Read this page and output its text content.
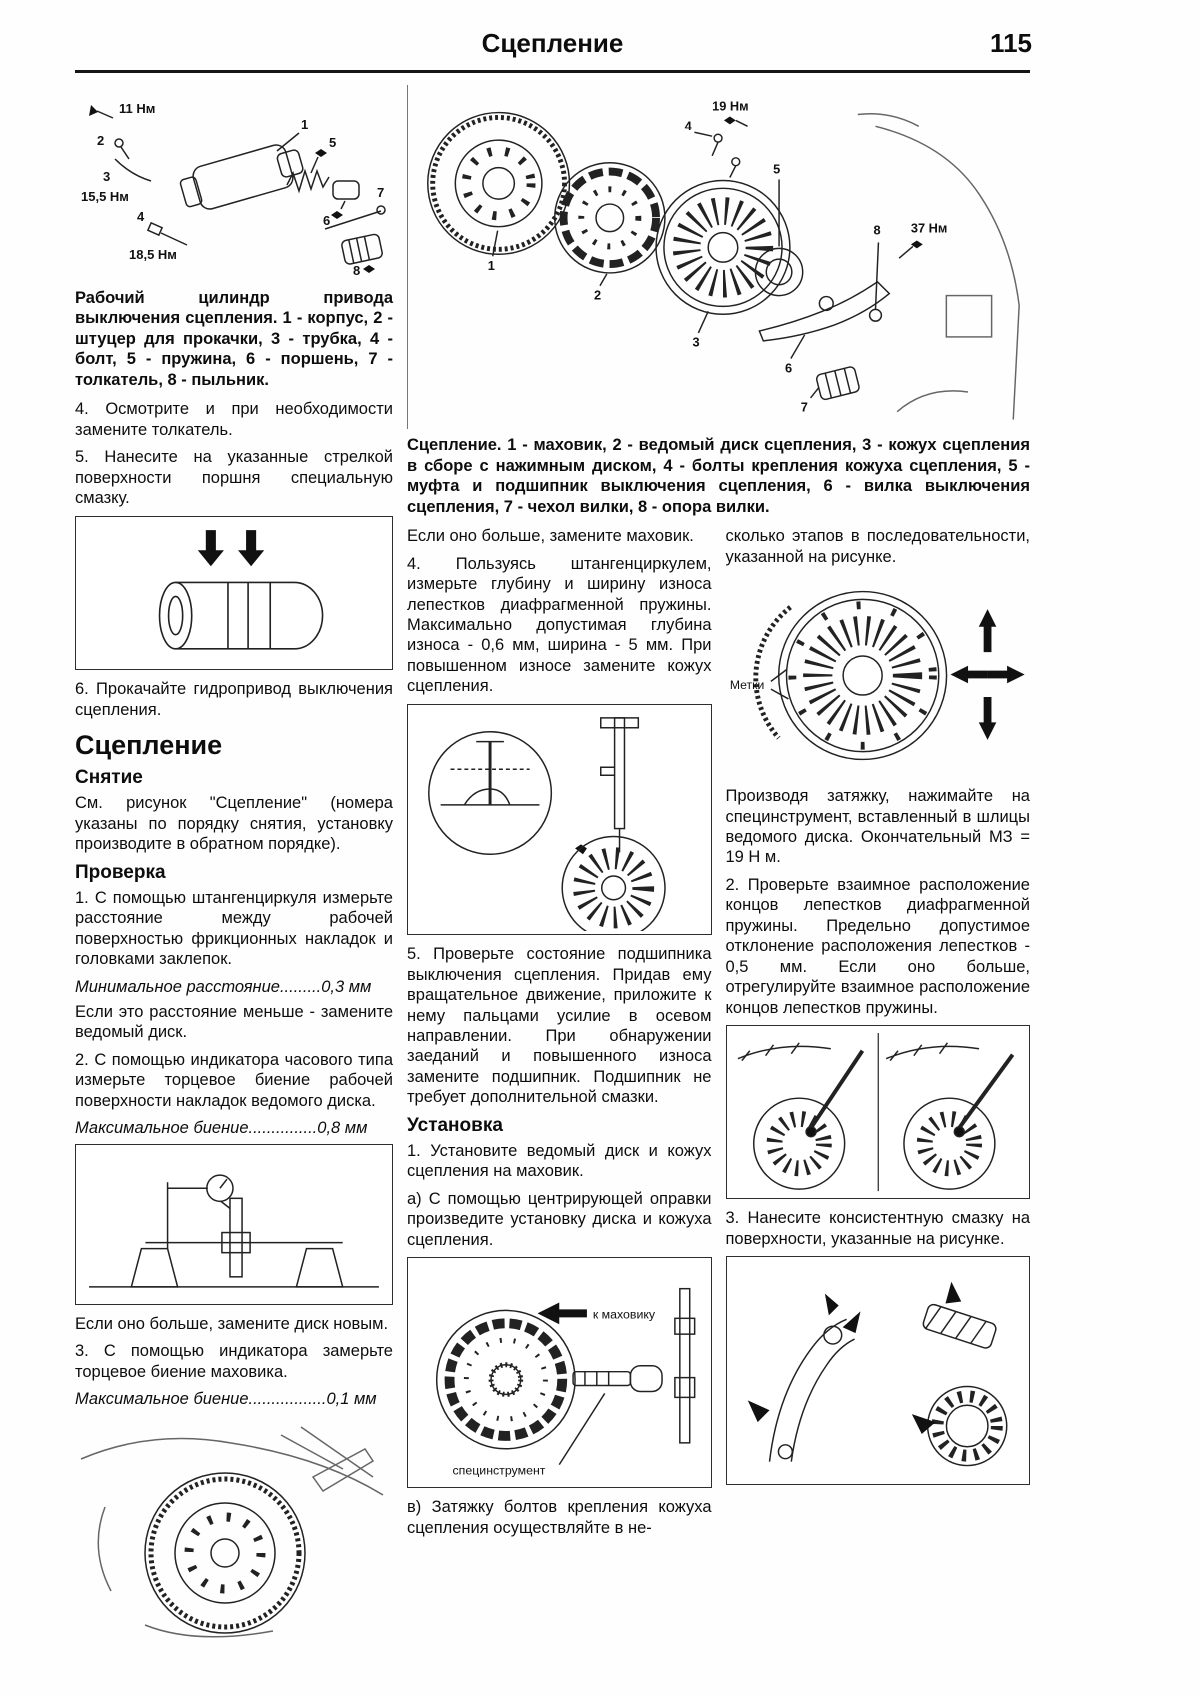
Сцепление	115
11 Нм
2
3
15,5 Нм
1
4
18,5 Нм
5
6
7
8

Рабочий цилиндр привода выключения сцепления. 1 - корпус, 2 - штуцер для прокачки, 3 - трубка, 4 - болт, 5 - пружина, 6 - поршень, 7 - толкатель, 8 - пыльник.

4. Осмотрите и при необходимости замените толкатель.

5. Нанесите на указанные стрелкой поверхности поршня специальную смазку.

6. Прокачайте гидропривод выключения сцепления.

Сцепление
Снятие

См. рисунок "Сцепление" (номера указаны по порядку снятия, установку производите в обратном порядке).

Проверка

1. С помощью штангенциркуля измерьте расстояние между рабочей поверхностью фрикционных накладок и головками заклепок.

Минимальное расстояние.........0,3 мм

Если это расстояние меньше - замените ведомый диск.

2. С помощью индикатора часового типа измерьте торцевое биение рабочей поверхности накладок ведомого диска.

Максимальное биение...............0,8 мм

Если оно больше, замените диск новым.

3. С помощью индикатора замерьте торцевое биение маховика.

Максимальное биение.................0,1 мм

1
2
3
4
5
6
7
8
19 Нм
37 Нм

Сцепление. 1 - маховик, 2 - ведомый диск сцепления, 3 - кожух сцепления в сборе с нажимным диском, 4 - болты крепления кожуха сцепления, 5 - муфта и подшипник выключения сцепления, 6 - вилка выключения сцепления, 7 - чехол вилки, 8 - опора вилки.

Если оно больше, замените маховик.

4. Пользуясь штангенциркулем, измерьте глубину и ширину износа лепестков диафрагменной пружины. Максимально допустимая глубина износа - 0,6 мм, ширина - 5 мм. При повышенном износе замените кожух сцепления.

5. Проверьте состояние подшипника выключения сцепления. Придав ему вращательное движение, приложите к нему пальцами усилие в осевом направлении. При обнаружении заеданий и повышенного износа замените подшипник. Подшипник не требует дополнительной смазки.

Установка

1. Установите ведомый диск и кожух сцепления на маховик.

а) С помощью центрирующей оправки произведите установку диска и кожуха сцепления.

к маховику
специнструмент

в) Затяжку болтов крепления кожуха сцепления осуществляйте в не-

сколько этапов в последовательности, указанной на рисунке.

Метки

Производя затяжку, нажимайте на специнструмент, вставленный в шлицы ведомого диска. Окончательный МЗ = 19 Н м.

2. Проверьте взаимное расположение концов лепестков диафрагменной пружины. Предельно допустимое отклонение расположения лепестков - 0,5 мм. Если оно больше, отрегулируйте взаимное расположение концов лепестков пружины.

3. Нанесите консистентную смазку на поверхности, указанные на рисунке.
